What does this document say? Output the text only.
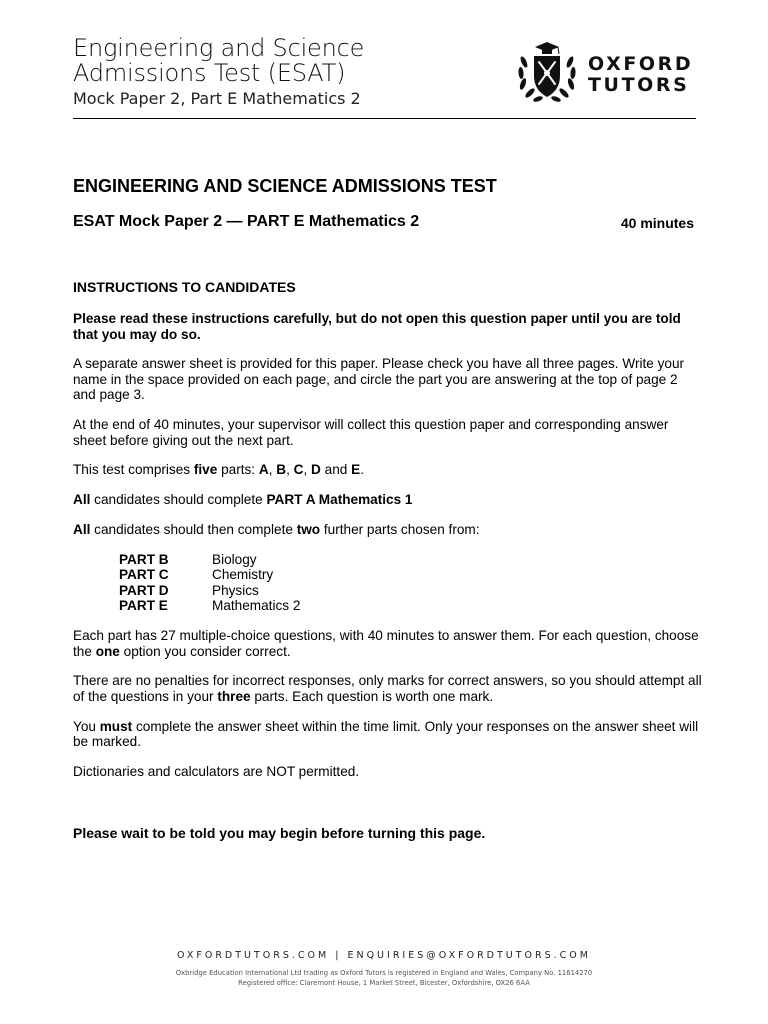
Engineering and Science
Admissions Test (ESAT)
Mock Paper 2, Part E Mathematics 2
OXFORD
TUTORS
ENGINEERING AND SCIENCE ADMISSIONS TEST
ESAT Mock Paper 2 — PART E Mathematics 2	40 minutes
INSTRUCTIONS TO CANDIDATES

Please read these instructions carefully, but do not open this question paper until you are told that you may do so.

A separate answer sheet is provided for this paper. Please check you have all three pages. Write your name in the space provided on each page, and circle the part you are answering at the top of page 2 and page 3.

At the end of 40 minutes, your supervisor will collect this question paper and corresponding answer sheet before giving out the next part.

This test comprises five parts: A, B, C, D and E.

All candidates should complete PART A Mathematics 1

All candidates should then complete two further parts chosen from:

PART B	Biology
PART C	Chemistry
PART D	Physics
PART E	Mathematics 2

Each part has 27 multiple-choice questions, with 40 minutes to answer them. For each question, choose the one option you consider correct.

There are no penalties for incorrect responses, only marks for correct answers, so you should attempt all of the questions in your three parts. Each question is worth one mark.

You must complete the answer sheet within the time limit. Only your responses on the answer sheet will be marked.

Dictionaries and calculators are NOT permitted.

Please wait to be told you may begin before turning this page.
OXFORDTUTORS.COM | ENQUIRIES@OXFORDTUTORS.COM
Oxbridge Education International Ltd trading as Oxford Tutors is registered in England and Wales, Company No. 11614270
Registered office: Claremont House, 1 Market Street, Bicester, Oxfordshire, OX26 6AA
